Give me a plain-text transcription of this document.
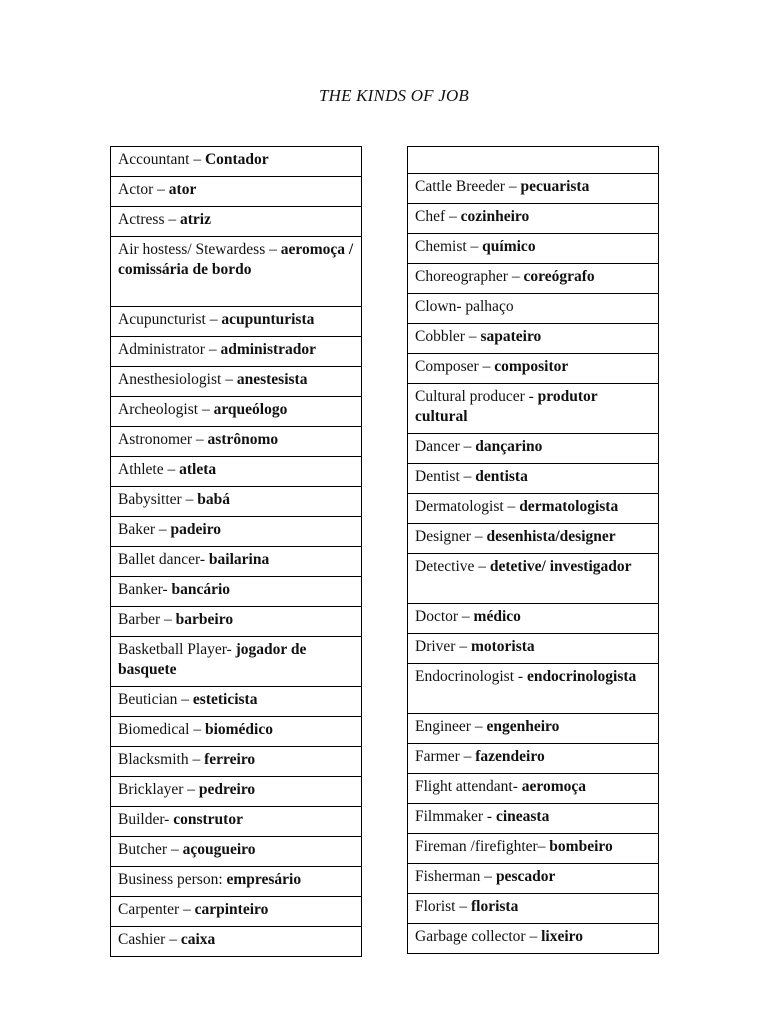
THE KINDS OF JOB
Accountant – Contador
Actor – ator
Actress – atriz
Air hostess/ Stewardess – aeromoça / comissária de bordo
Acupuncturist – acupunturista
Administrator – administrador
Anesthesiologist – anestesista
Archeologist – arqueólogo
Astronomer – astrônomo
Athlete – atleta
Babysitter – babá
Baker – padeiro
Ballet dancer- bailarina
Banker- bancário
Barber – barbeiro
Basketball Player- jogador de basquete
Beutician – esteticista
Biomedical – biomédico
Blacksmith – ferreiro
Bricklayer – pedreiro
Builder- construtor
Butcher – açougueiro
Business person: empresário
Carpenter – carpinteiro
Cashier – caixa

Cattle Breeder – pecuarista
Chef – cozinheiro
Chemist – químico
Choreographer – coreógrafo
Clown- palhaço
Cobbler – sapateiro
Composer – compositor
Cultural producer - produtor cultural
Dancer – dançarino
Dentist – dentista
Dermatologist – dermatologista
Designer – desenhista/designer
Detective – detetive/ investigador
Doctor – médico
Driver – motorista
Endocrinologist - endocrinologista
Engineer – engenheiro
Farmer – fazendeiro
Flight attendant- aeromoça
Filmmaker - cineasta
Fireman /firefighter– bombeiro
Fisherman – pescador
Florist – florista
Garbage collector – lixeiro
